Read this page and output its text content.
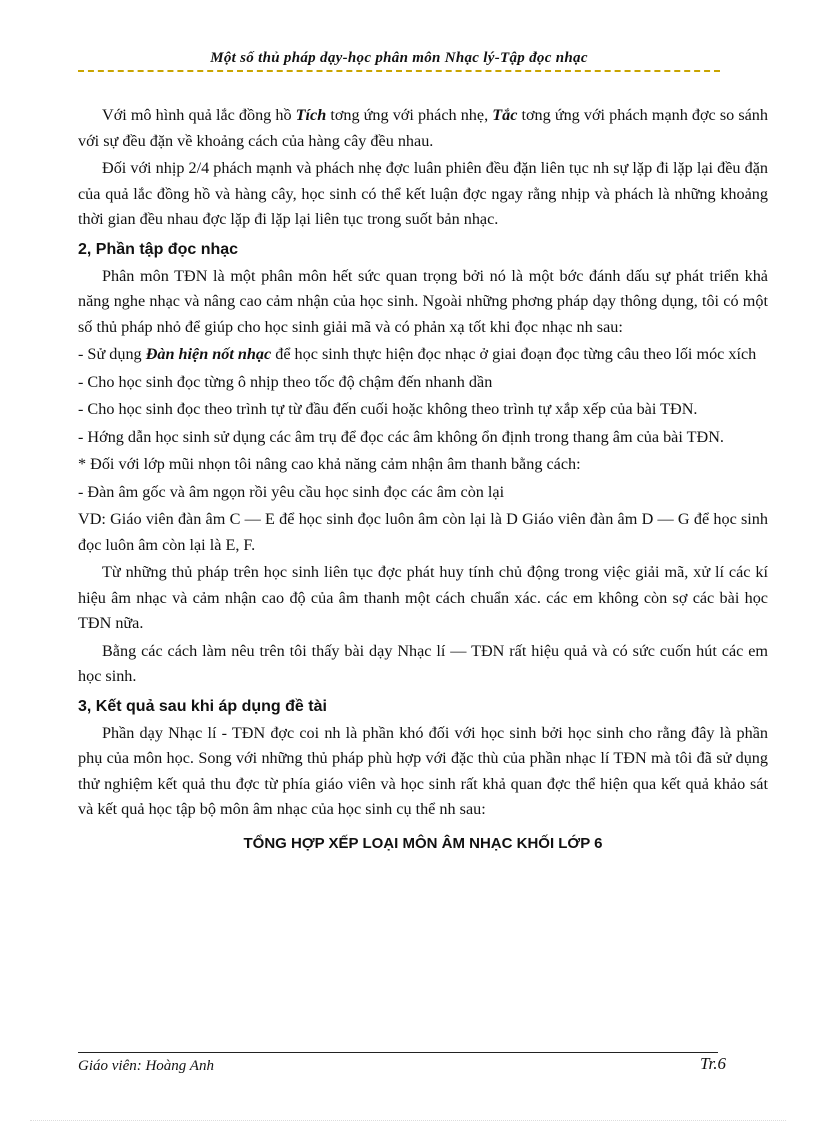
Một số thủ pháp dạy-học phân môn Nhạc lý-Tập đọc nhạc

Với mô hình quả lắc đồng hồ Tích tơng ứng với phách nhẹ, Tắc tơng ứng với phách mạnh đợc so sánh với sự đều đặn về khoảng cách của hàng cây đều nhau.

Đối với nhịp 2/4 phách mạnh và phách nhẹ đợc luân phiên đều đặn liên tục nh sự lặp đi lặp lại đều đặn của quả lắc đồng hồ và hàng cây, học sinh có thể kết luận đợc ngay rằng nhịp và phách là những khoảng thời gian đều nhau đợc lặp đi lặp lại liên tục trong suốt bản nhạc.

2, Phần tập đọc nhạc

Phân môn TĐN là một phân môn hết sức quan trọng bởi nó là một bớc đánh dấu sự phát triển khả năng nghe nhạc và nâng cao cảm nhận của học sinh. Ngoài những phơng pháp dạy thông dụng, tôi có một số thủ pháp nhỏ để giúp cho học sinh giải mã và có phản xạ tốt khi đọc nhạc nh sau:

- Sử dụng Đàn hiện nốt nhạc để học sinh thực hiện đọc nhạc ở giai đoạn đọc từng câu theo lối móc xích

- Cho học sinh đọc từng ô nhịp theo tốc độ chậm đến nhanh dần

- Cho học sinh đọc theo trình tự từ đầu đến cuối hoặc không theo trình tự xắp xếp của bài TĐN.

- Hớng dẫn học sinh sử dụng các âm trụ để đọc các âm không ổn định trong thang âm của bài TĐN.

* Đối với lớp mũi nhọn tôi nâng cao khả năng cảm nhận âm thanh bằng cách:

- Đàn âm gốc và âm ngọn rồi yêu cầu học sinh đọc các âm còn lại

VD: Giáo viên đàn âm C — E để học sinh đọc luôn âm còn lại là D Giáo viên đàn âm D — G để học sinh đọc luôn âm còn lại là E, F.

Từ những thủ pháp trên học sinh liên tục đợc phát huy tính chủ động trong việc giải mã, xử lí các kí hiệu âm nhạc và cảm nhận cao độ của âm thanh một cách chuẩn xác. các em không còn sợ các bài học TĐN nữa.

Bằng các cách làm nêu trên tôi thấy bài dạy Nhạc lí — TĐN rất hiệu quả và có sức cuốn hút các em học sinh.

3, Kết quả sau khi áp dụng đề tài

Phần dạy Nhạc lí - TĐN đợc coi nh là phần khó đối với học sinh bởi học sinh cho rằng đây là phần phụ của môn học. Song với những thủ pháp phù hợp với đặc thù của phần nhạc lí TĐN mà tôi đã sử dụng thử nghiệm kết quả thu đợc từ phía giáo viên và học sinh rất khả quan đợc thể hiện qua kết quả khảo sát và kết quả học tập bộ môn âm nhạc của học sinh cụ thể nh sau:

TỔNG HỢP XẾP LOẠI MÔN ÂM NHẠC KHỐI LỚP 6
Giáo viên: Hoàng Anh	Tr.6
